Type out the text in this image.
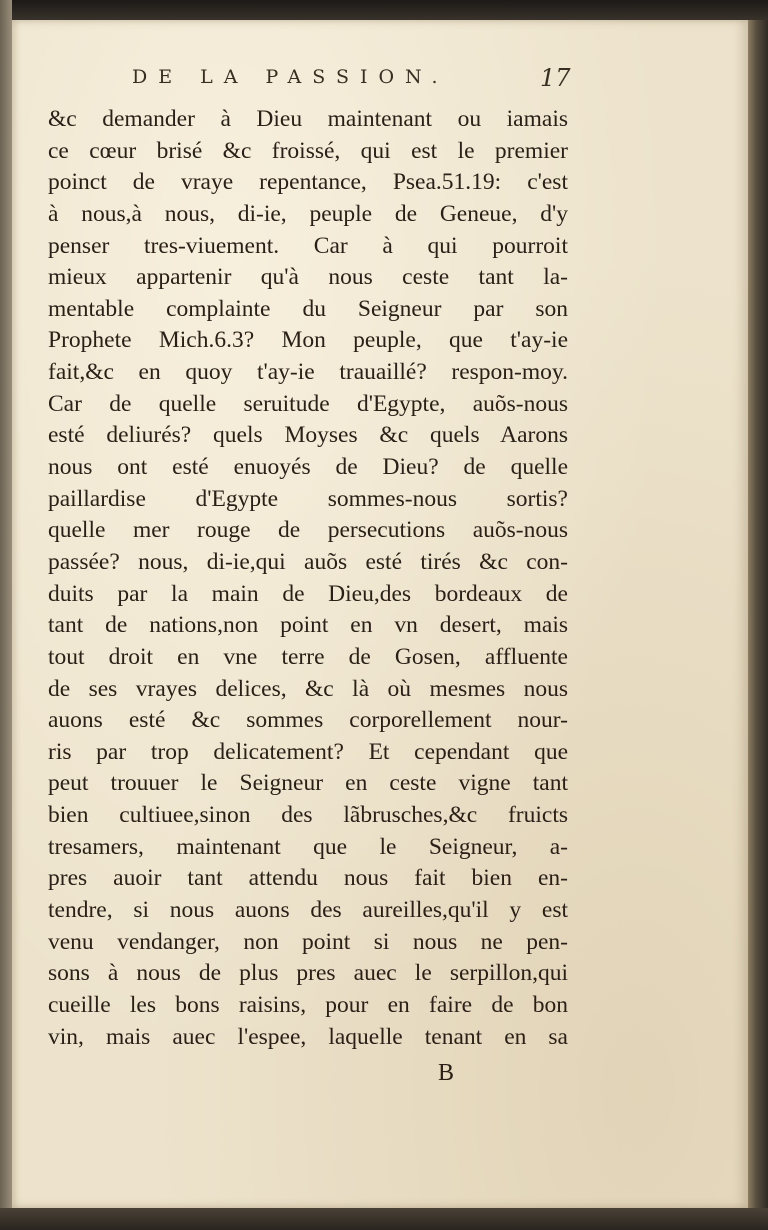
DE LA PASSION.	17
&c demander à Dieu maintenant ou iamais
ce cœur brisé &c froissé, qui est le premier
poinct de vraye repentance, Psea.51.19: c'est
à nous,à nous, di-ie, peuple de Geneue, d'y
penser tres-viuement. Car à qui pourroit
mieux appartenir qu'à nous ceste tant la-
mentable complainte du Seigneur par son
Prophete Mich.6.3? Mon peuple, que t'ay-ie
fait,&c en quoy t'ay-ie trauaillé? respon-moy.
Car de quelle seruitude d'Egypte, auõs-nous
esté deliurés? quels Moyses &c quels Aarons
nous ont esté enuoyés de Dieu? de quelle
paillardise d'Egypte sommes-nous sortis?
quelle mer rouge de persecutions auõs-nous
passée? nous, di-ie,qui auõs esté tirés &c con-
duits par la main de Dieu,des bordeaux de
tant de nations,non point en vn desert, mais
tout droit en vne terre de Gosen, affluente
de ses vrayes delices, &c là où mesmes nous
auons esté &c sommes corporellement nour-
ris par trop delicatement? Et cependant que
peut trouuer le Seigneur en ceste vigne tant
bien cultiuee,sinon des lãbrusches,&c fruicts
tresamers, maintenant que le Seigneur, a-
pres auoir tant attendu nous fait bien en-
tendre, si nous auons des aureilles,qu'il y est
venu vendanger, non point si nous ne pen-
sons à nous de plus pres auec le serpillon,qui
cueille les bons raisins, pour en faire de bon
vin, mais auec l'espee, laquelle tenant en sa
B
